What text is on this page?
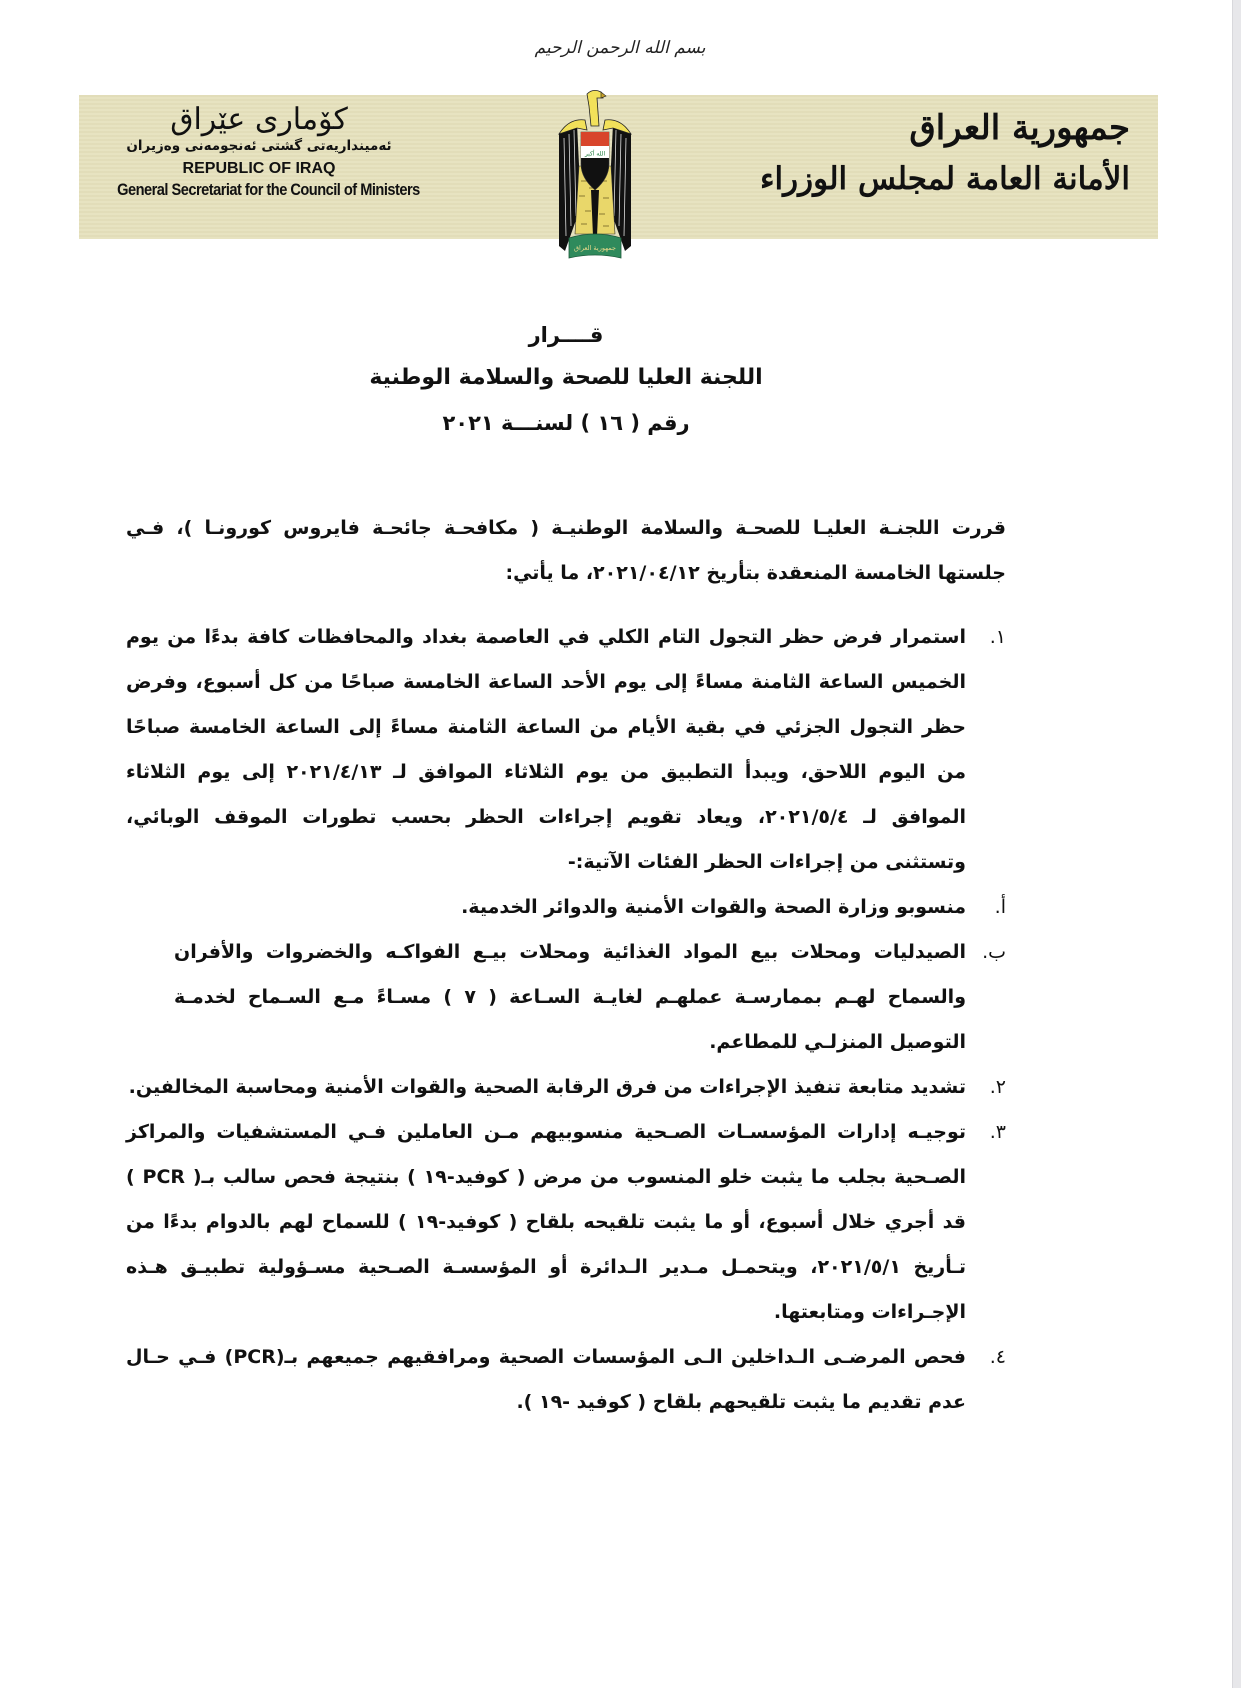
بسم الله الرحمن الرحيم
كۆماری عێراق
ئه‌مینداریه‌تی گشتی ئه‌نجومه‌نی وه‌زیران
REPUBLIC OF IRAQ
General Secretariat for the Council of Ministers
جمهورية العراق
الأمانة العامة لمجلس الوزراء
الله أكبر
جمهورية العراق
قــــرار
اللجنة العليا للصحة والسلامة الوطنية
رقم ( ١٦ ) لسنـــة ٢٠٢١

قررت اللجنـة العليـا للصحـة والسلامة الوطنيـة ( مكافحـة جائحـة فايروس كورونـا )، فـي جلستها الخامسة المنعقدة بتأريخ ٢٠٢١/٠٤/١٢، ما يأتي:

١.
استمرار فرض حظر التجول التام الكلي في العاصمة بغداد والمحافظات كافة بدءًا من يوم الخميس الساعة الثامنة مساءً إلى يوم الأحد الساعة الخامسة صباحًا من كل أسبوع، وفرض حظر التجول الجزئي في بقية الأيام من الساعة الثامنة مساءً إلى الساعة الخامسة صباحًا من اليوم اللاحق، ويبدأ التطبيق من يوم الثلاثاء الموافق لـ ٢٠٢١/٤/١٣ إلى يوم الثلاثاء الموافق لـ ٢٠٢١/٥/٤، ويعاد تقويم إجراءات الحظر بحسب تطورات الموقف الوبائي، وتستثنى من إجراءات الحظر الفئات الآتية:-
أ.
منسوبو وزارة الصحة والقوات الأمنية والدوائر الخدمية.
ب.
الصيدليات ومحلات بيع المواد الغذائية ومحلات بيـع الفواكـه والخضروات والأفران والسماح لهـم بممارسـة عملهـم لغايـة السـاعة ( ٧ ) مسـاءً مـع السـماح لخدمـة التوصيل المنزلـي للمطاعم.
٢.
تشديد متابعة تنفيذ الإجراءات من فرق الرقابة الصحية والقوات الأمنية ومحاسبة المخالفين.
٣.
توجيـه إدارات المؤسسـات الصـحية منسوبيهم مـن العاملين فـي المستشفيات والمراكز الصـحية بجلب ما يثبت خلو المنسوب من مرض ( كوفيد-١٩ ) بنتيجة فحص سالب بـ( PCR ) قد أجري خلال أسبوع، أو ما يثبت تلقيحه بلقاح ( كوفيد-١٩ ) للسماح لهم بالدوام بدءًا من تـأريخ ٢٠٢١/٥/١، ويتحمـل مـدير الـدائرة أو المؤسسـة الصـحية مسـؤولية تطبيـق هـذه الإجـراءات ومتابعتها.
٤.
فحص المرضـى الـداخلين الـى المؤسسات الصحية ومرافقيهم جميعهم بـ(PCR) فـي حـال عدم تقديم ما يثبت تلقيحهم بلقاح ( كوفيد -١٩ ).
